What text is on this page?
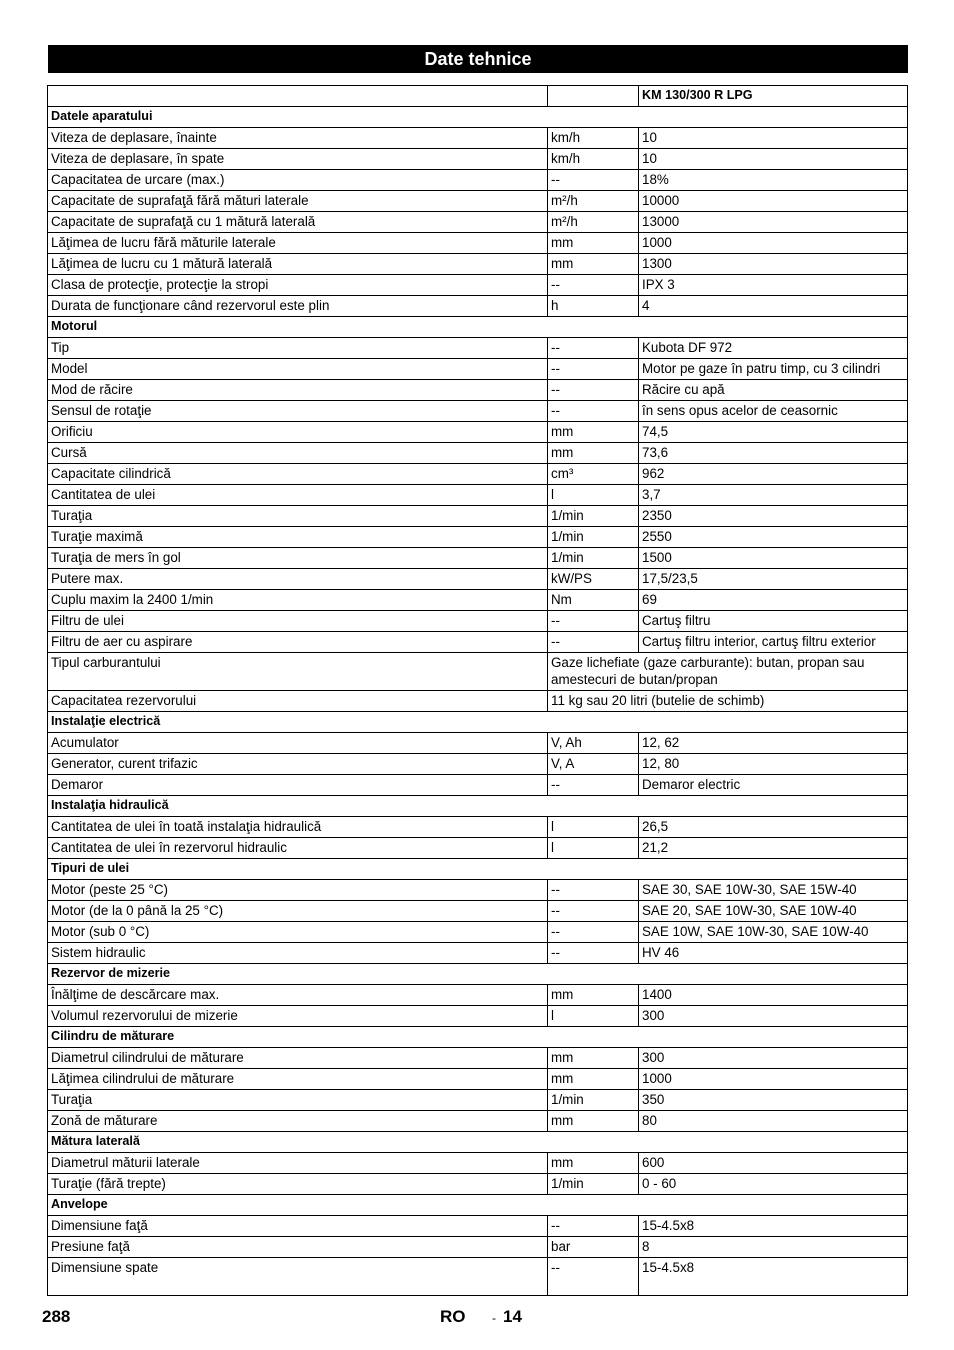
Date tehnice
		KM 130/300 R LPG
Datele aparatului		
Viteza de deplasare, înainte	km/h	10
Viteza de deplasare, în spate	km/h	10
Capacitatea de urcare (max.)	--	18%
Capacitate de suprafaţă fără mături laterale	m²/h	10000
Capacitate de suprafaţă cu 1 mătură laterală	m²/h	13000
Lăţimea de lucru fără măturile laterale	mm	1000
Lăţimea de lucru cu 1 mătură laterală	mm	1300
Clasa de protecţie, protecţie la stropi	--	IPX 3
Durata de funcţionare când rezervorul este plin	h	4
Motorul		
Tip	--	Kubota DF 972
Model	--	Motor pe gaze în patru timp, cu 3 cilindri
Mod de răcire	--	Răcire cu apă
Sensul de rotaţie	--	în sens opus acelor de ceasornic
Orificiu	mm	74,5
Cursă	mm	73,6
Capacitate cilindrică	cm³	962
Cantitatea de ulei	l	3,7
Turaţia	1/min	2350
Turaţie maximă	1/min	2550
Turaţia de mers în gol	1/min	1500
Putere max.	kW/PS	17,5/23,5
Cuplu maxim la 2400 1/min	Nm	69
Filtru de ulei	--	Cartuş filtru
Filtru de aer cu aspirare	--	Cartuş filtru interior, cartuş filtru exterior
Tipul carburantului	Gaze lichefiate (gaze carburante): butan, propan sau amestecuri de butan/propan	
Capacitatea rezervorului	11 kg sau 20 litri (butelie de schimb)	
Instalaţie electrică		
Acumulator	V, Ah	12, 62
Generator, curent trifazic	V, A	12, 80
Demaror	--	Demaror electric
Instalaţia hidraulică		
Cantitatea de ulei în toată instalaţia hidraulică	l	26,5
Cantitatea de ulei în rezervorul hidraulic	l	21,2
Tipuri de ulei		
Motor (peste 25 °C)	--	SAE 30, SAE 10W-30, SAE 15W-40
Motor (de la 0 până la 25 °C)	--	SAE 20, SAE 10W-30, SAE 10W-40
Motor (sub 0 °C)	--	SAE 10W, SAE 10W-30, SAE 10W-40
Sistem hidraulic	--	HV 46
Rezervor de mizerie		
Înălţime de descărcare max.	mm	1400
Volumul rezervorului de mizerie	l	300
Cilindru de măturare		
Diametrul cilindrului de măturare	mm	300
Lăţimea cilindrului de măturare	mm	1000
Turaţia	1/min	350
Zonă de măturare	mm	80
Mătura laterală		
Diametrul măturii laterale	mm	600
Turaţie (fără trepte)	1/min	0 - 60
Anvelope		
Dimensiune faţă	--	15-4.5x8
Presiune faţă	bar	8
Dimensiune spate	--	15-4.5x8
288	RO - 14
